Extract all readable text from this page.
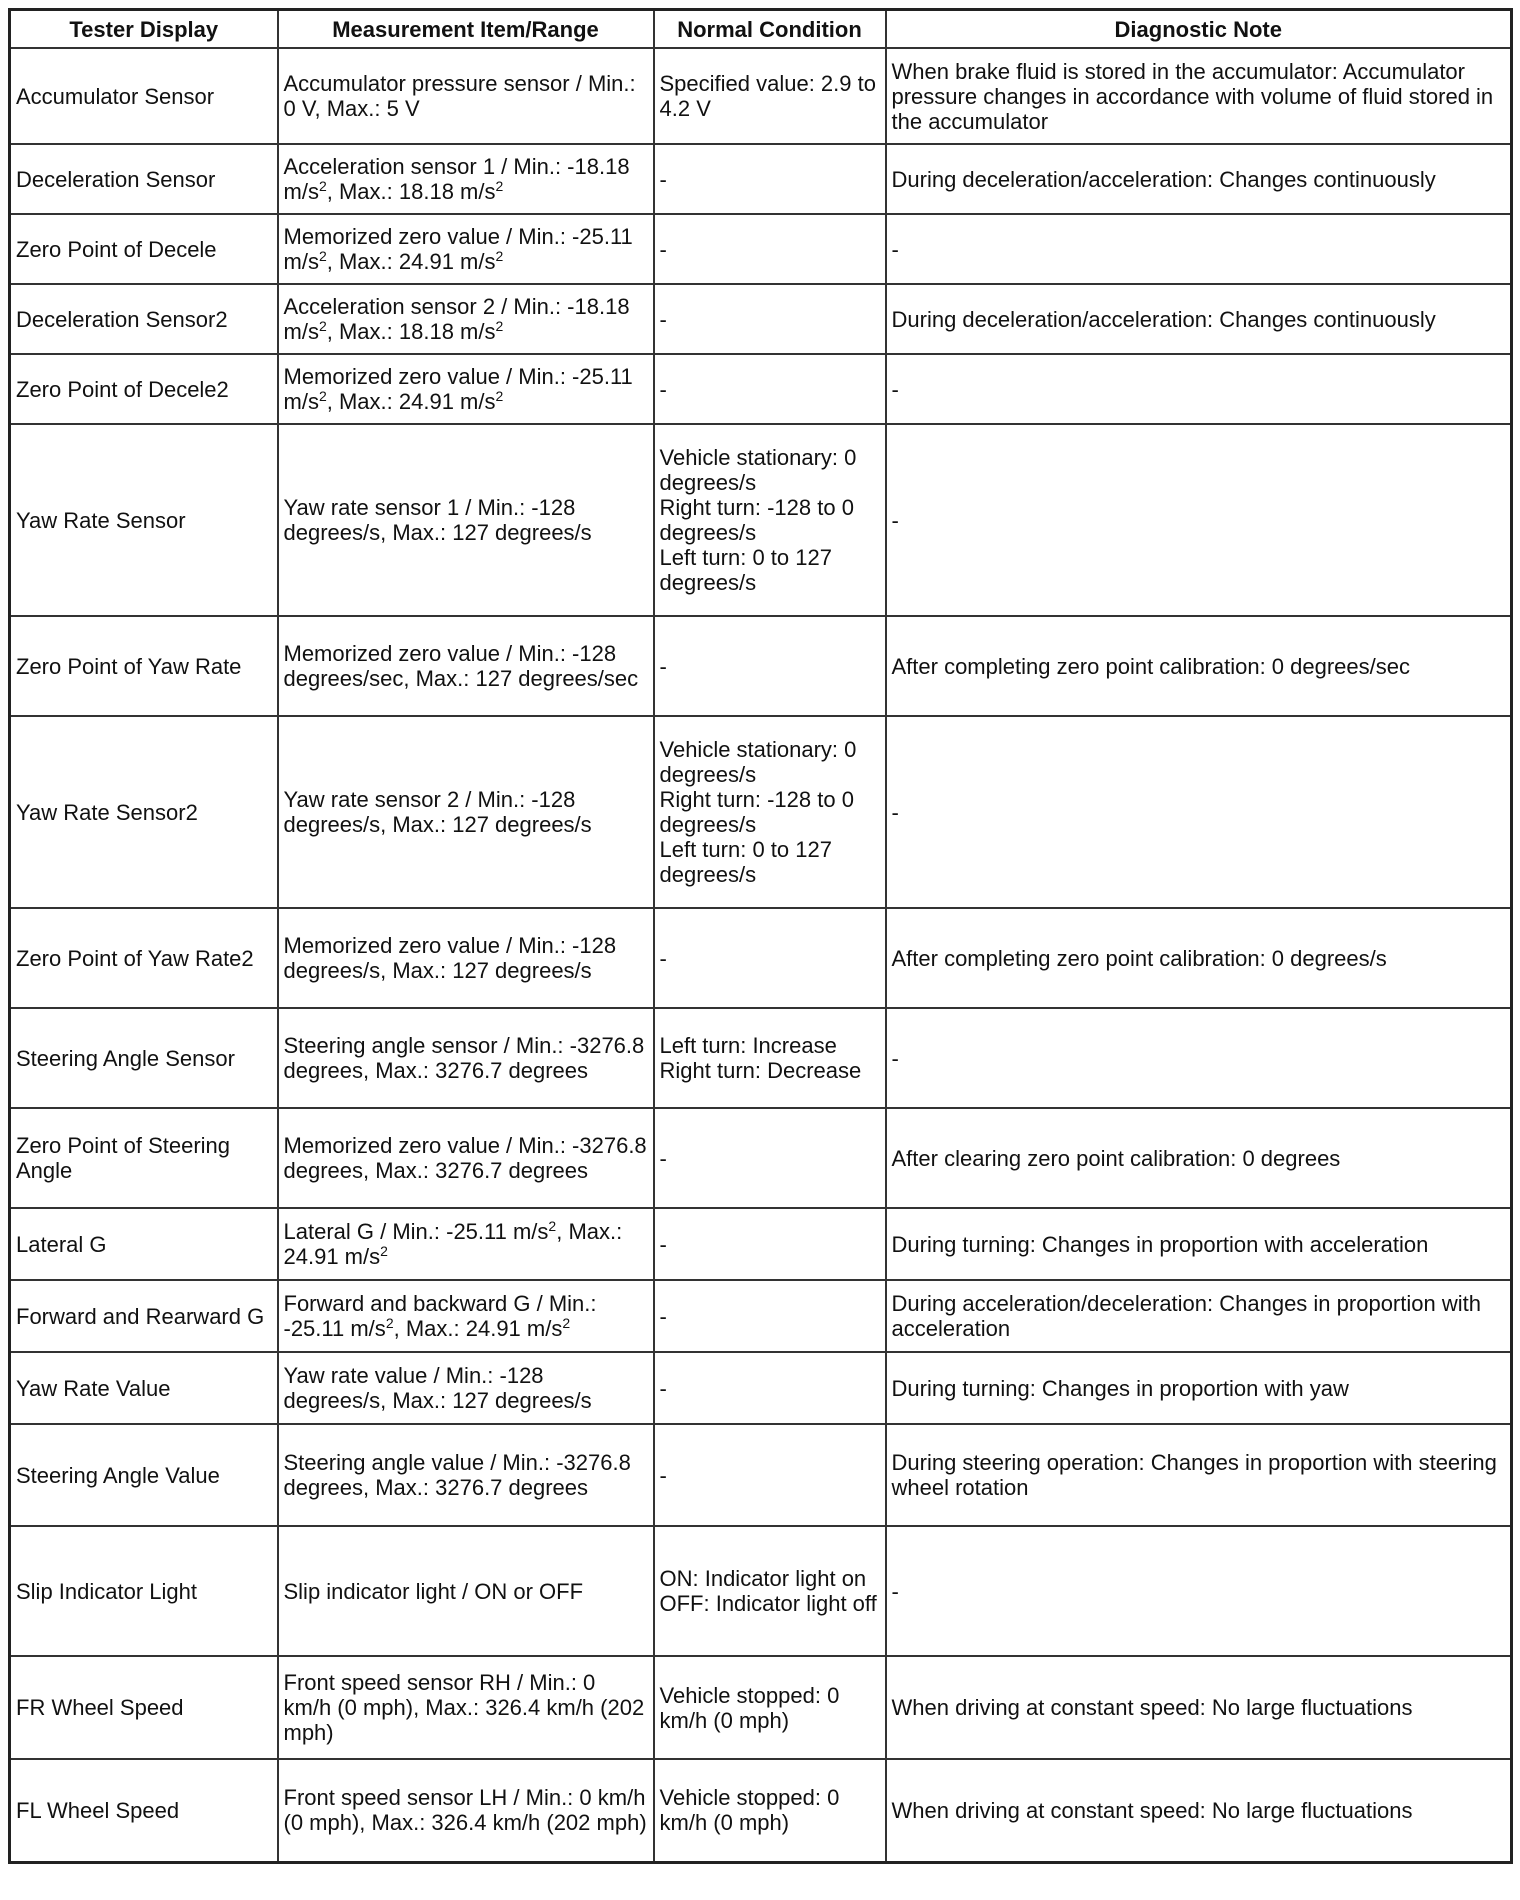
Tester Display	Measurement Item/Range	Normal Condition	Diagnostic Note
Accumulator Sensor	Accumulator pressure sensor / Min.: 0 V, Max.: 5 V	Specified value: 2.9 to 4.2 V	When brake fluid is stored in the accumulator: Accumulator pressure changes in accordance with volume of fluid stored in the accumulator
Deceleration Sensor	Acceleration sensor 1 / Min.: -18.18 $m/s^2$, Max.: 18.18 $m/s^2$	-	During deceleration/acceleration: Changes continuously
Zero Point of Decele	Memorized zero value / Min.: -25.11 $m/s^2$, Max.: 24.91 $m/s^2$	-	-
Deceleration Sensor2	Acceleration sensor 2 / Min.: -18.18 $m/s^2$, Max.: 18.18 $m/s^2$	-	During deceleration/acceleration: Changes continuously
Zero Point of Decele2	Memorized zero value / Min.: -25.11 $m/s^2$, Max.: 24.91 $m/s^2$	-	-
Yaw Rate Sensor	Yaw rate sensor 1 / Min.: -128 degrees/s, Max.: 127 degrees/s	Vehicle stationary: 0 degrees/s
Right turn: -128 to 0 degrees/s
Left turn: 0 to 127 degrees/s	-
Zero Point of Yaw Rate	Memorized zero value / Min.: -128 degrees/sec, Max.: 127 degrees/sec	-	After completing zero point calibration: 0 degrees/sec
Yaw Rate Sensor2	Yaw rate sensor 2 / Min.: -128 degrees/s, Max.: 127 degrees/s	Vehicle stationary: 0 degrees/s
Right turn: -128 to 0 degrees/s
Left turn: 0 to 127 degrees/s	-
Zero Point of Yaw Rate2	Memorized zero value / Min.: -128 degrees/s, Max.: 127 degrees/s	-	After completing zero point calibration: 0 degrees/s
Steering Angle Sensor	Steering angle sensor / Min.: -3276.8 degrees, Max.: 3276.7 degrees	Left turn: Increase
Right turn: Decrease	-
Zero Point of Steering Angle	Memorized zero value / Min.: -3276.8 degrees, Max.: 3276.7 degrees	-	After clearing zero point calibration: 0 degrees
Lateral G	Lateral G / Min.: -25.11 $m/s^2$, Max.: 24.91 $m/s^2$	-	During turning: Changes in proportion with acceleration
Forward and Rearward G	Forward and backward G / Min.: -25.11 $m/s^2$, Max.: 24.91 $m/s^2$	-	During acceleration/deceleration: Changes in proportion with acceleration
Yaw Rate Value	Yaw rate value / Min.: -128 degrees/s, Max.: 127 degrees/s	-	During turning: Changes in proportion with yaw
Steering Angle Value	Steering angle value / Min.: -3276.8 degrees, Max.: 3276.7 degrees	-	During steering operation: Changes in proportion with steering wheel rotation
Slip Indicator Light	Slip indicator light / ON or OFF	ON: Indicator light on
OFF: Indicator light off	-
FR Wheel Speed	Front speed sensor RH / Min.: 0 km/h (0 mph), Max.: 326.4 km/h (202 mph)	Vehicle stopped: 0 km/h (0 mph)	When driving at constant speed: No large fluctuations
FL Wheel Speed	Front speed sensor LH / Min.: 0 km/h (0 mph), Max.: 326.4 km/h (202 mph)	Vehicle stopped: 0 km/h (0 mph)	When driving at constant speed: No large fluctuations
